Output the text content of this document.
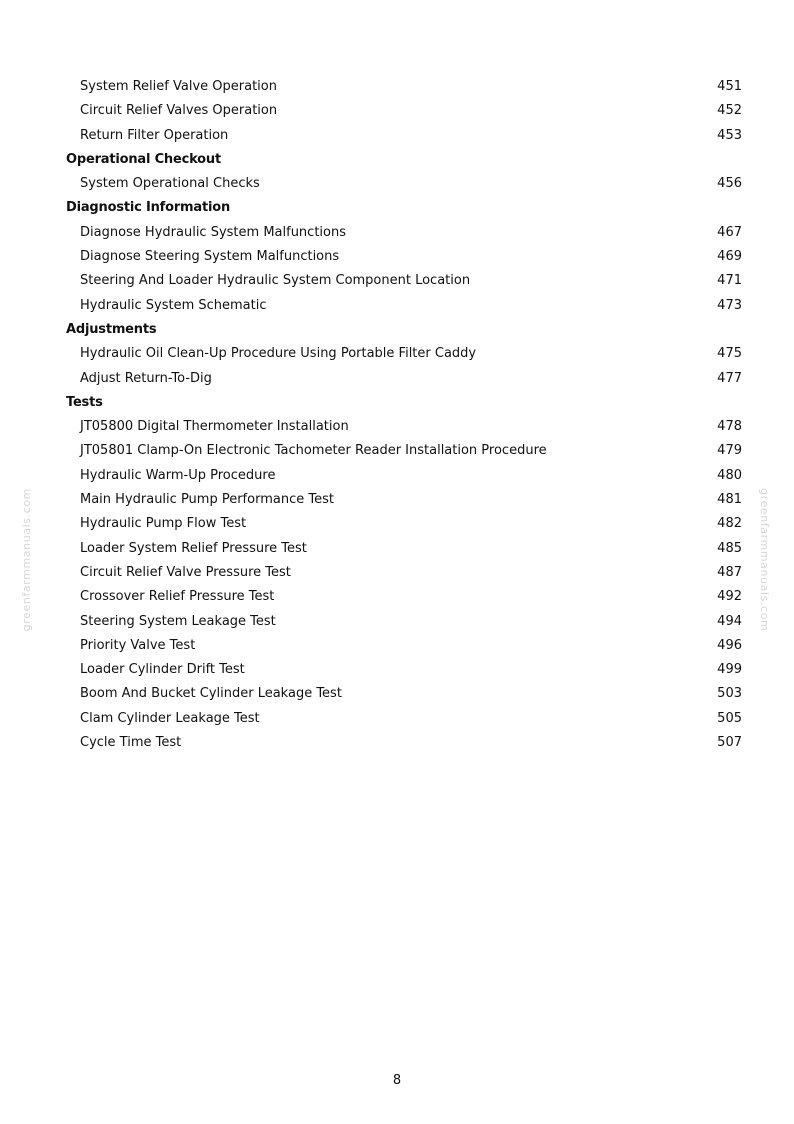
System Relief Valve Operation	451
Circuit Relief Valves Operation	452
Return Filter Operation	453
Operational Checkout
System Operational Checks	456
Diagnostic Information
Diagnose Hydraulic System Malfunctions	467
Diagnose Steering System Malfunctions	469
Steering And Loader Hydraulic System Component Location	471
Hydraulic System Schematic	473
Adjustments
Hydraulic Oil Clean-Up Procedure Using Portable Filter Caddy	475
Adjust Return-To-Dig	477
Tests
JT05800 Digital Thermometer Installation	478
JT05801 Clamp-On Electronic Tachometer Reader Installation Procedure	479
Hydraulic Warm-Up Procedure	480
Main Hydraulic Pump Performance Test	481
Hydraulic Pump Flow Test	482
Loader System Relief Pressure Test	485
Circuit Relief Valve Pressure Test	487
Crossover Relief Pressure Test	492
Steering System Leakage Test	494
Priority Valve Test	496
Loader Cylinder Drift Test	499
Boom And Bucket Cylinder Leakage Test	503
Clam Cylinder Leakage Test	505
Cycle Time Test	507
greenfarmmanuals.com	greenfarmmanuals.com
8
